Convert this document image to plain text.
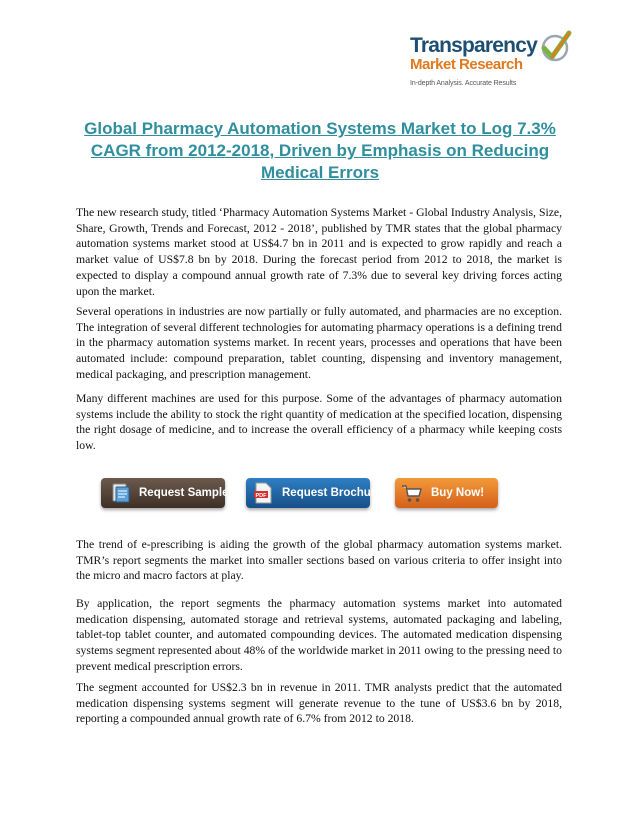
Transparency
Market Research
In-depth Analysis. Accurate Results
Global Pharmacy Automation Systems Market to Log 7.3% CAGR from 2012-2018, Driven by Emphasis on Reducing Medical Errors

The new research study, titled ‘Pharmacy Automation Systems Market - Global Industry Analysis, Size, Share, Growth, Trends and Forecast, 2012 - 2018’, published by TMR states that the global pharmacy automation systems market stood at US$4.7 bn in 2011 and is expected to grow rapidly and reach a market value of US$7.8 bn by 2018. During the forecast period from 2012 to 2018, the market is expected to display a compound annual growth rate of 7.3% due to several key driving forces acting upon the market.

Several operations in industries are now partially or fully automated, and pharmacies are no exception. The integration of several different technologies for automating pharmacy operations is a defining trend in the pharmacy automation systems market. In recent years, processes and operations that have been automated include: compound preparation, tablet counting, dispensing and inventory management, medical packaging, and prescription management.

Many different machines are used for this purpose. Some of the advantages of pharmacy automation systems include the ability to stock the right quantity of medication at the specified location, dispensing the right dosage of medicine, and to increase the overall efficiency of a pharmacy while keeping costs low.

Request Sample	PDF Request Brochure	Buy Now!

The trend of e-prescribing is aiding the growth of the global pharmacy automation systems market. TMR’s report segments the market into smaller sections based on various criteria to offer insight into the micro and macro factors at play.

By application, the report segments the pharmacy automation systems market into automated medication dispensing, automated storage and retrieval systems, automated packaging and labeling, tablet-top tablet counter, and automated compounding devices. The automated medication dispensing systems segment represented about 48% of the worldwide market in 2011 owing to the pressing need to prevent medical prescription errors.

The segment accounted for US$2.3 bn in revenue in 2011. TMR analysts predict that the automated medication dispensing systems segment will generate revenue to the tune of US$3.6 bn by 2018, reporting a compounded annual growth rate of 6.7% from 2012 to 2018.
